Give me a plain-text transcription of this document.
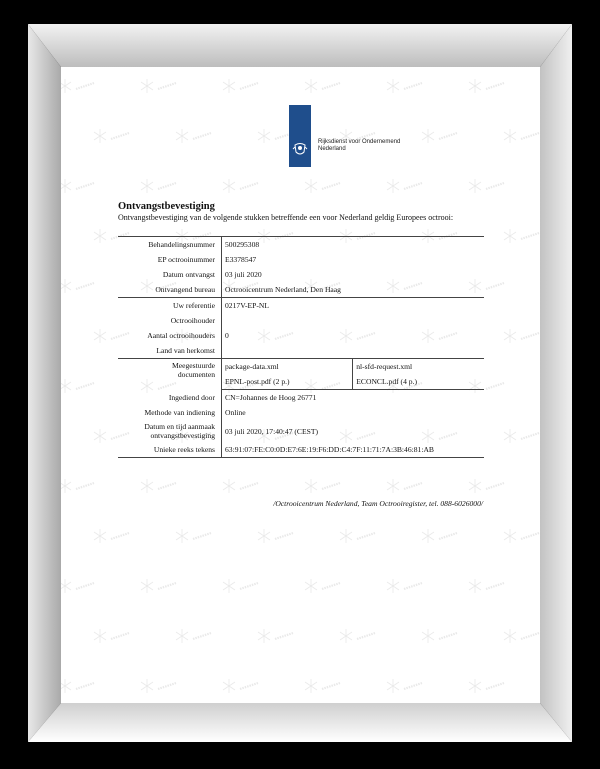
Rijksdienst voor Ondernemend
Nederland
Ontvangstbevestiging
Ontvangstbevestiging van de volgende stukken betreffende een voor Nederland geldig Europees octrooi:
Behandelingsnummer	500295308	
EP octrooinummer	E3378547	
Datum ontvangst	03 juli 2020	
Ontvangend bureau	Octrooicentrum Nederland, Den Haag	
Uw referentie	0217V-EP-NL	
Octrooihouder		
Aantal octrooihouders	0	
Land van herkomst		

Meegestuurde
documenten	package-data.xml	nl-sfd-request.xml
	EPNL-post.pdf (2 p.)	ECONCL.pdf (4 p.)
Ingediend door	CN=Johannes de Hoog 26771	
Methode van indiening	Online	

Datum en tijd aanmaak
ontvangstbevestiging	03 juli 2020, 17:40:47 (CEST)	
Unieke reeks tekens	63:91:07:FE:C0:0D:E7:6E:19:F6:DD:C4:7F:11:71:7A:3B:46:81:AB	
/Octrooicentrum Nederland, Team Octrooiregister, tel. 088-6026000/
